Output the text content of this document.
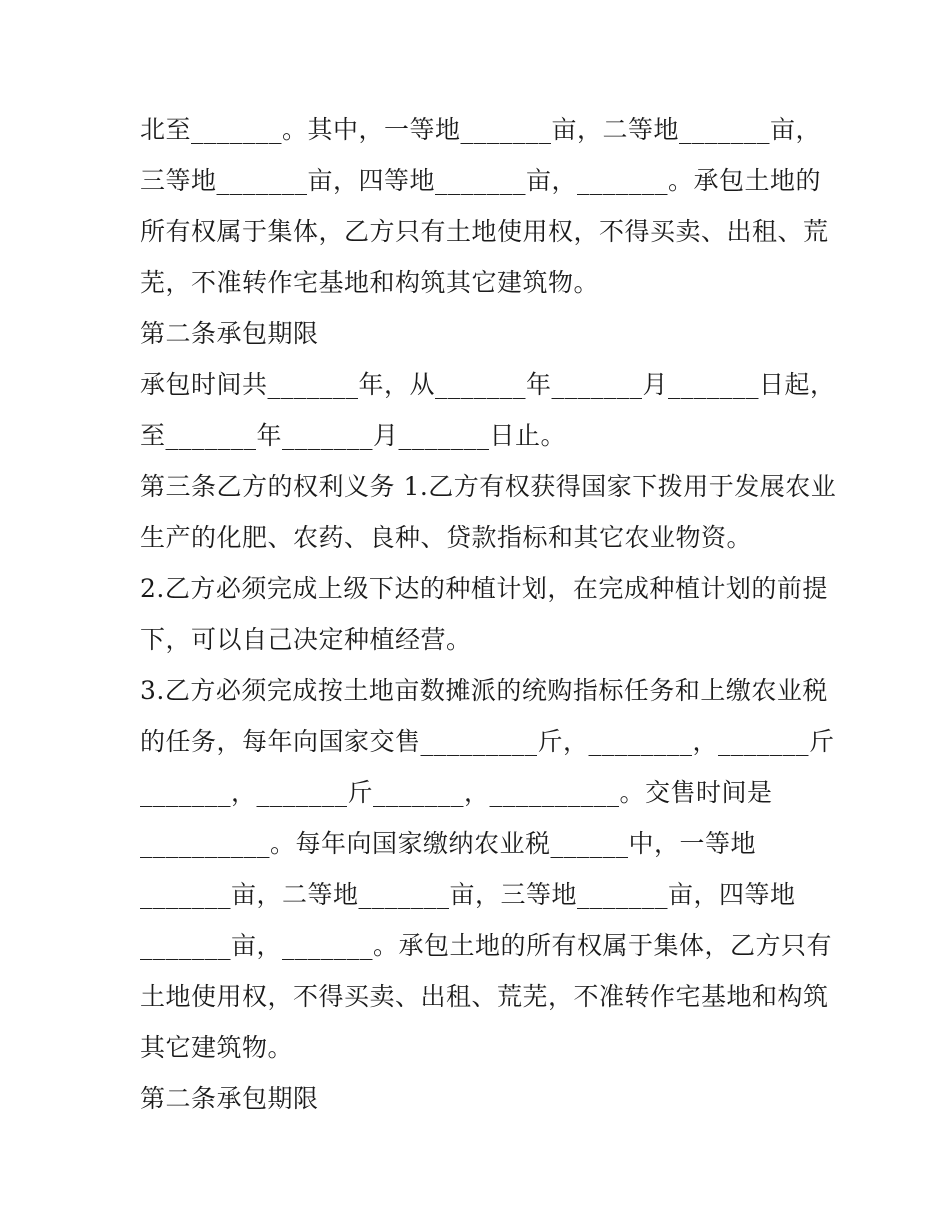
北至_______。其中，一等地_______亩，二等地_______亩，
三等地_______亩，四等地_______亩，_______。承包土地的
所有权属于集体，乙方只有土地使用权，不得买卖、出租、荒
芜，不准转作宅基地和构筑其它建筑物。
第二条承包期限
承包时间共_______年，从_______年_______月_______日起，
至_______年_______月_______日止。
第三条乙方的权利义务 1.乙方有权获得国家下拨用于发展农业
生产的化肥、农药、良种、贷款指标和其它农业物资。
2.乙方必须完成上级下达的种植计划，在完成种植计划的前提
下，可以自己决定种植经营。
3.乙方必须完成按土地亩数摊派的统购指标任务和上缴农业税
的任务，每年向国家交售_________斤，________，_______斤
_______，_______斤_______，__________。交售时间是
__________。每年向国家缴纳农业税______中，一等地
_______亩，二等地_______亩，三等地_______亩，四等地
_______亩，_______。承包土地的所有权属于集体，乙方只有
土地使用权，不得买卖、出租、荒芜，不准转作宅基地和构筑
其它建筑物。
第二条承包期限
